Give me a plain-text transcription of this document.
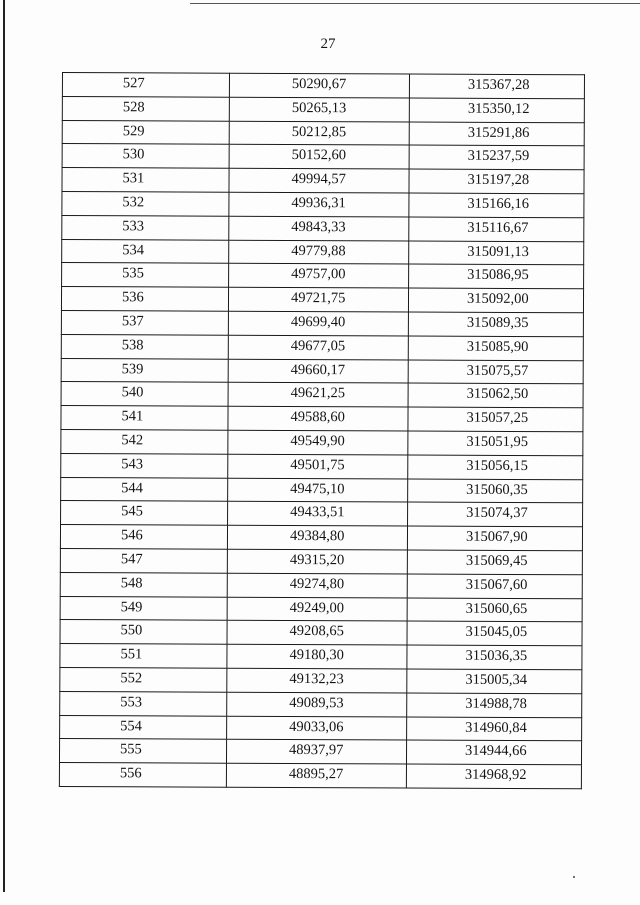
27
527	50290,67	315367,28
528	50265,13	315350,12
529	50212,85	315291,86
530	50152,60	315237,59
531	49994,57	315197,28
532	49936,31	315166,16
533	49843,33	315116,67
534	49779,88	315091,13
535	49757,00	315086,95
536	49721,75	315092,00
537	49699,40	315089,35
538	49677,05	315085,90
539	49660,17	315075,57
540	49621,25	315062,50
541	49588,60	315057,25
542	49549,90	315051,95
543	49501,75	315056,15
544	49475,10	315060,35
545	49433,51	315074,37
546	49384,80	315067,90
547	49315,20	315069,45
548	49274,80	315067,60
549	49249,00	315060,65
550	49208,65	315045,05
551	49180,30	315036,35
552	49132,23	315005,34
553	49089,53	314988,78
554	49033,06	314960,84
555	48937,97	314944,66
556	48895,27	314968,92
